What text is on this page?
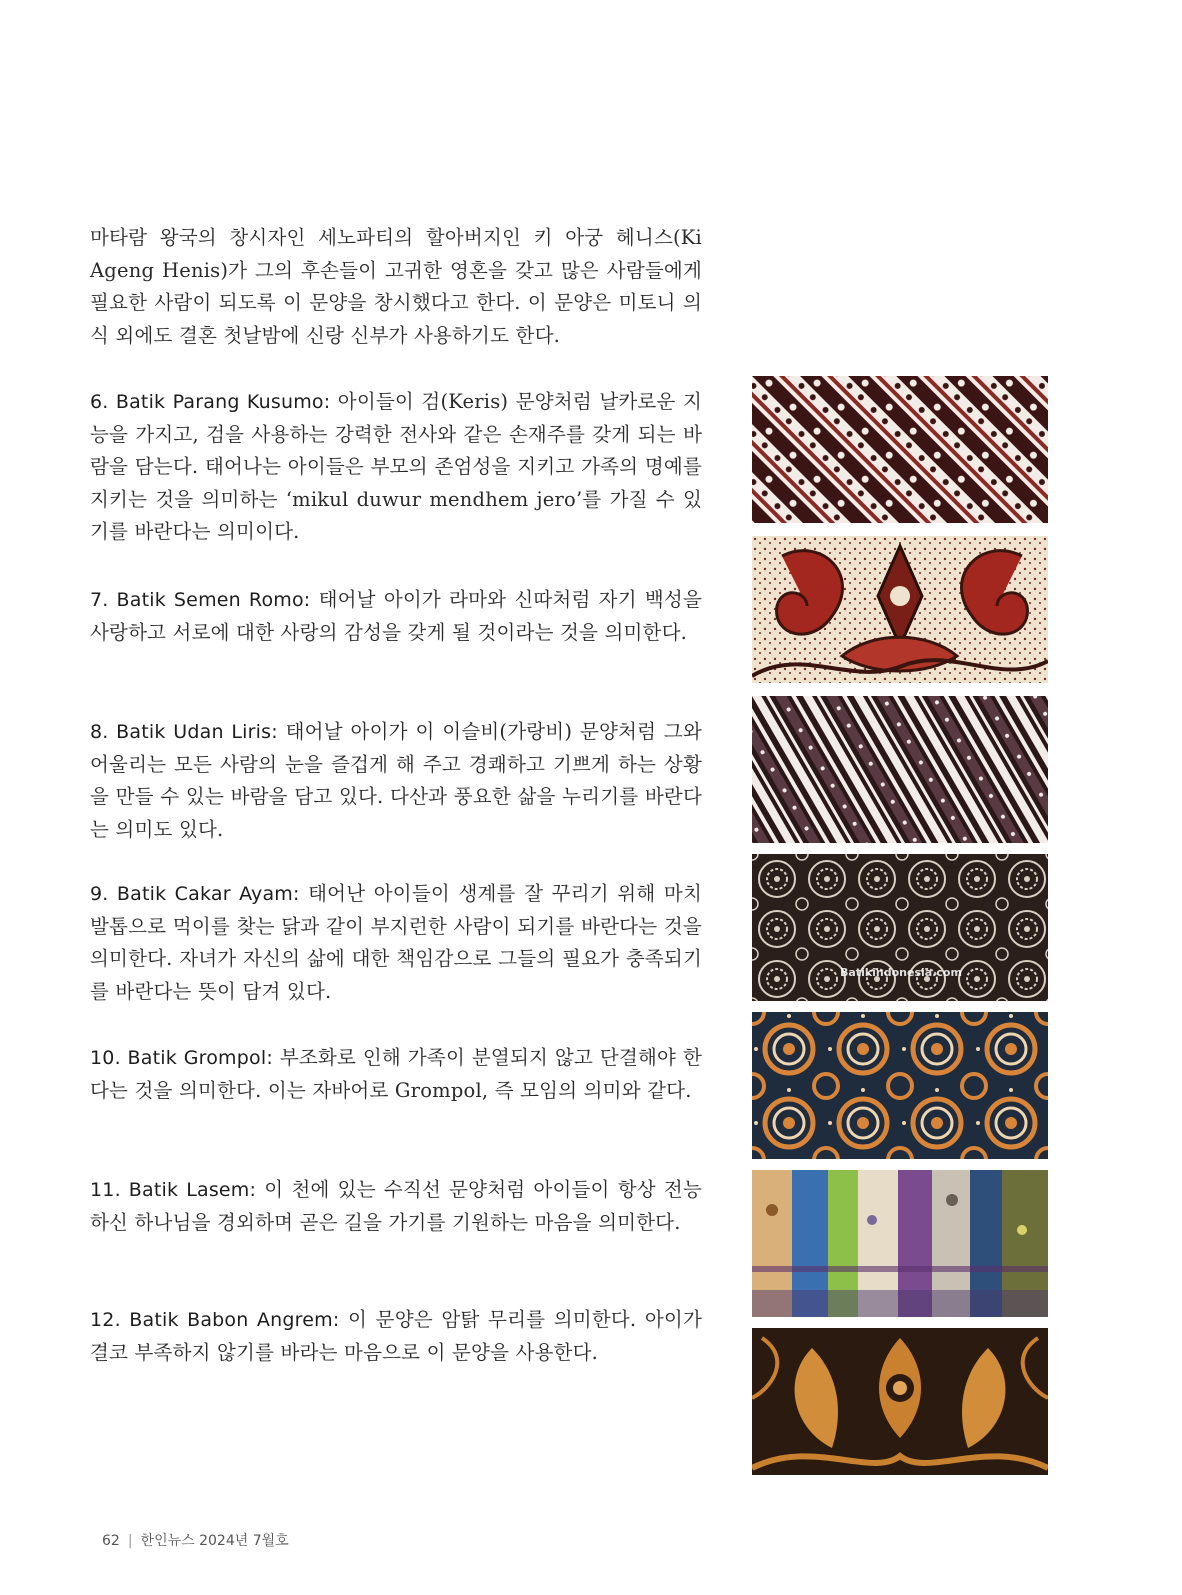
마타람 왕국의 창시자인 세노파티의 할아버지인 키 아궁 헤니스(Ki Ageng Henis)가 그의 후손들이 고귀한 영혼을 갖고 많은 사람들에게 필요한 사람이 되도록 이 문양을 창시했다고 한다. 이 문양은 미토니 의식 외에도 결혼 첫날밤에 신랑 신부가 사용하기도 한다.

6. Batik Parang Kusumo: 아이들이 검(Keris) 문양처럼 날카로운 지능을 가지고, 검을 사용하는 강력한 전사와 같은 손재주를 갖게 되는 바람을 담는다. 태어나는 아이들은 부모의 존엄성을 지키고 가족의 명예를 지키는 것을 의미하는 ‘mikul duwur mendhem jero’를 가질 수 있기를 바란다는 의미이다.

7. Batik Semen Romo: 태어날 아이가 라마와 신따처럼 자기 백성을 사랑하고 서로에 대한 사랑의 감성을 갖게 될 것이라는 것을 의미한다.

8. Batik Udan Liris: 태어날 아이가 이 이슬비(가랑비) 문양처럼 그와 어울리는 모든 사람의 눈을 즐겁게 해 주고 경쾌하고 기쁘게 하는 상황을 만들 수 있는 바람을 담고 있다. 다산과 풍요한 삶을 누리기를 바란다는 의미도 있다.

9. Batik Cakar Ayam: 태어난 아이들이 생계를 잘 꾸리기 위해 마치 발톱으로 먹이를 찾는 닭과 같이 부지런한 사람이 되기를 바란다는 것을 의미한다. 자녀가 자신의 삶에 대한 책임감으로 그들의 필요가 충족되기를 바란다는 뜻이 담겨 있다.

10. Batik Grompol: 부조화로 인해 가족이 분열되지 않고 단결해야 한다는 것을 의미한다. 이는 자바어로 Grompol, 즉 모임의 의미와 같다.

11. Batik Lasem: 이 천에 있는 수직선 문양처럼 아이들이 항상 전능하신 하나님을 경외하며 곧은 길을 가기를 기원하는 마음을 의미한다.

12. Batik Babon Angrem: 이 문양은 암탉 무리를 의미한다. 아이가 결코 부족하지 않기를 바라는 마음으로 이 문양을 사용한다.

Batikindonesia.com
62 | 한인뉴스 2024년 7월호
